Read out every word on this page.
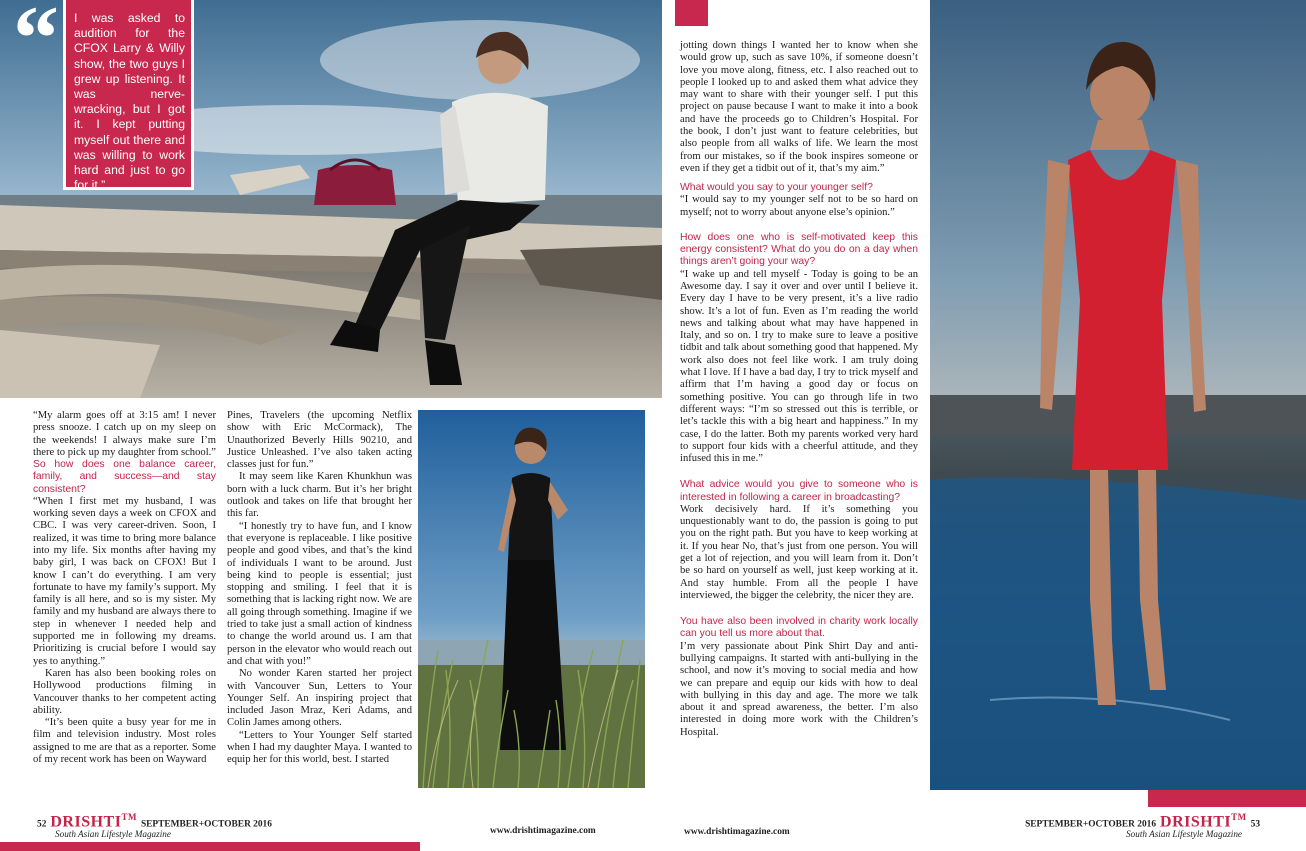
“	I was asked to audition for the CFOX Larry & Willy show, the two guys I grew up listening. It was nerve-wracking, but I got it. I kept putting myself out there and was willing to work hard and just to go for it.”

“My alarm goes off at 3:15 am! I never press snooze. I catch up on my sleep on the weekends! I always make sure I’m there to pick up my daughter from school.”

So how does one balance career, family, and success—and stay consistent?

“When I first met my husband, I was working seven days a week on CFOX and CBC. I was very career-driven. Soon, I realized, it was time to bring more balance into my life. Six months after having my baby girl, I was back on CFOX! But I know I can’t do everything. I am very fortunate to have my family’s support. My family is all here, and so is my sister. My family and my husband are always there to step in whenever I needed help and supported me in following my dreams. Prioritizing is crucial before I would say yes to anything.”

Karen has also been booking roles on Hollywood productions filming in Vancouver thanks to her competent acting ability.

“It’s been quite a busy year for me in film and television industry. Most roles assigned to me are that as a reporter. Some of my recent work has been on Wayward

Pines, Travelers (the upcoming Netflix show with Eric McCormack), The Unauthorized Beverly Hills 90210, and Justice Unleashed. I’ve also taken acting classes just for fun.”

It may seem like Karen Khunkhun was born with a luck charm. But it’s her bright outlook and takes on life that brought her this far.

“I honestly try to have fun, and I know that everyone is replaceable. I like positive people and good vibes, and that’s the kind of individuals I want to be around. Just being kind to people is essential; just stopping and smiling. I feel that it is something that is lacking right now. We are all going through something. Imagine if we tried to take just a small action of kindness to change the world around us. I am that person in the elevator who would reach out and chat with you!”

No wonder Karen started her project with Vancouver Sun, Letters to Your Younger Self. An inspiring project that included Jason Mraz, Keri Adams, and Colin James among others.

“Letters to Your Younger Self started when I had my daughter Maya. I wanted to equip her for this world, best. I started

jotting down things I wanted her to know when she would grow up, such as save 10%, if someone doesn’t love you move along, fitness, etc. I also reached out to people I looked up to and asked them what advice they may want to share with their younger self. I put this project on pause because I want to make it into a book and have the proceeds go to Children’s Hospital. For the book, I don’t just want to feature celebrities, but also people from all walks of life. We learn the most from our mistakes, so if the book inspires someone or even if they get a tidbit out of it, that’s my aim.”

What would you say to your younger self?

“I would say to my younger self not to be so hard on myself; not to worry about anyone else’s opinion.”

How does one who is self-motivated keep this energy consistent? What do you do on a day when things aren’t going your way?

“I wake up and tell myself - Today is going to be an Awesome day. I say it over and over until I believe it. Every day I have to be very present, it’s a live radio show. It’s a lot of fun. Even as I’m reading the world news and talking about what may have happened in Italy, and so on. I try to make sure to leave a positive tidbit and talk about something good that happened. My work also does not feel like work. I am truly doing what I love. If I have a bad day, I try to trick myself and affirm that I’m having a good day or focus on something positive. You can go through life in two different ways: “I’m so stressed out this is terrible, or let’s tackle this with a big heart and happiness.” In my case, I do the latter. Both my parents worked very hard to support four kids with a cheerful attitude, and they infused this in me.”

What advice would you give to someone who is interested in following a career in broadcasting?

Work decisively hard. If it’s something you unquestionably want to do, the passion is going to put you on the right path. But you have to keep working at it. If you hear No, that’s just from one person. You will get a lot of rejection, and you will learn from it. Don’t be so hard on yourself as well, just keep working at it. And stay humble. From all the people I have interviewed, the bigger the celebrity, the nicer they are.

You have also been involved in charity work locally can you tell us more about that.

I’m very passionate about Pink Shirt Day and anti-bullying campaigns. It started with anti-bullying in the school, and now it’s moving to social media and how we can prepare and equip our kids with how to deal with bullying in this day and age. The more we talk about it and spread awareness, the better. I’m also interested in doing more work with the Children’s Hospital.

52 DRISHTI™ SEPTEMBER+OCTOBER 2016
South Asian Lifestyle Magazine	www.drishtimagazine.com	www.drishtimagazine.com
SEPTEMBER+OCTOBER 2016 DRISHTI™ 53
South Asian Lifestyle Magazine
